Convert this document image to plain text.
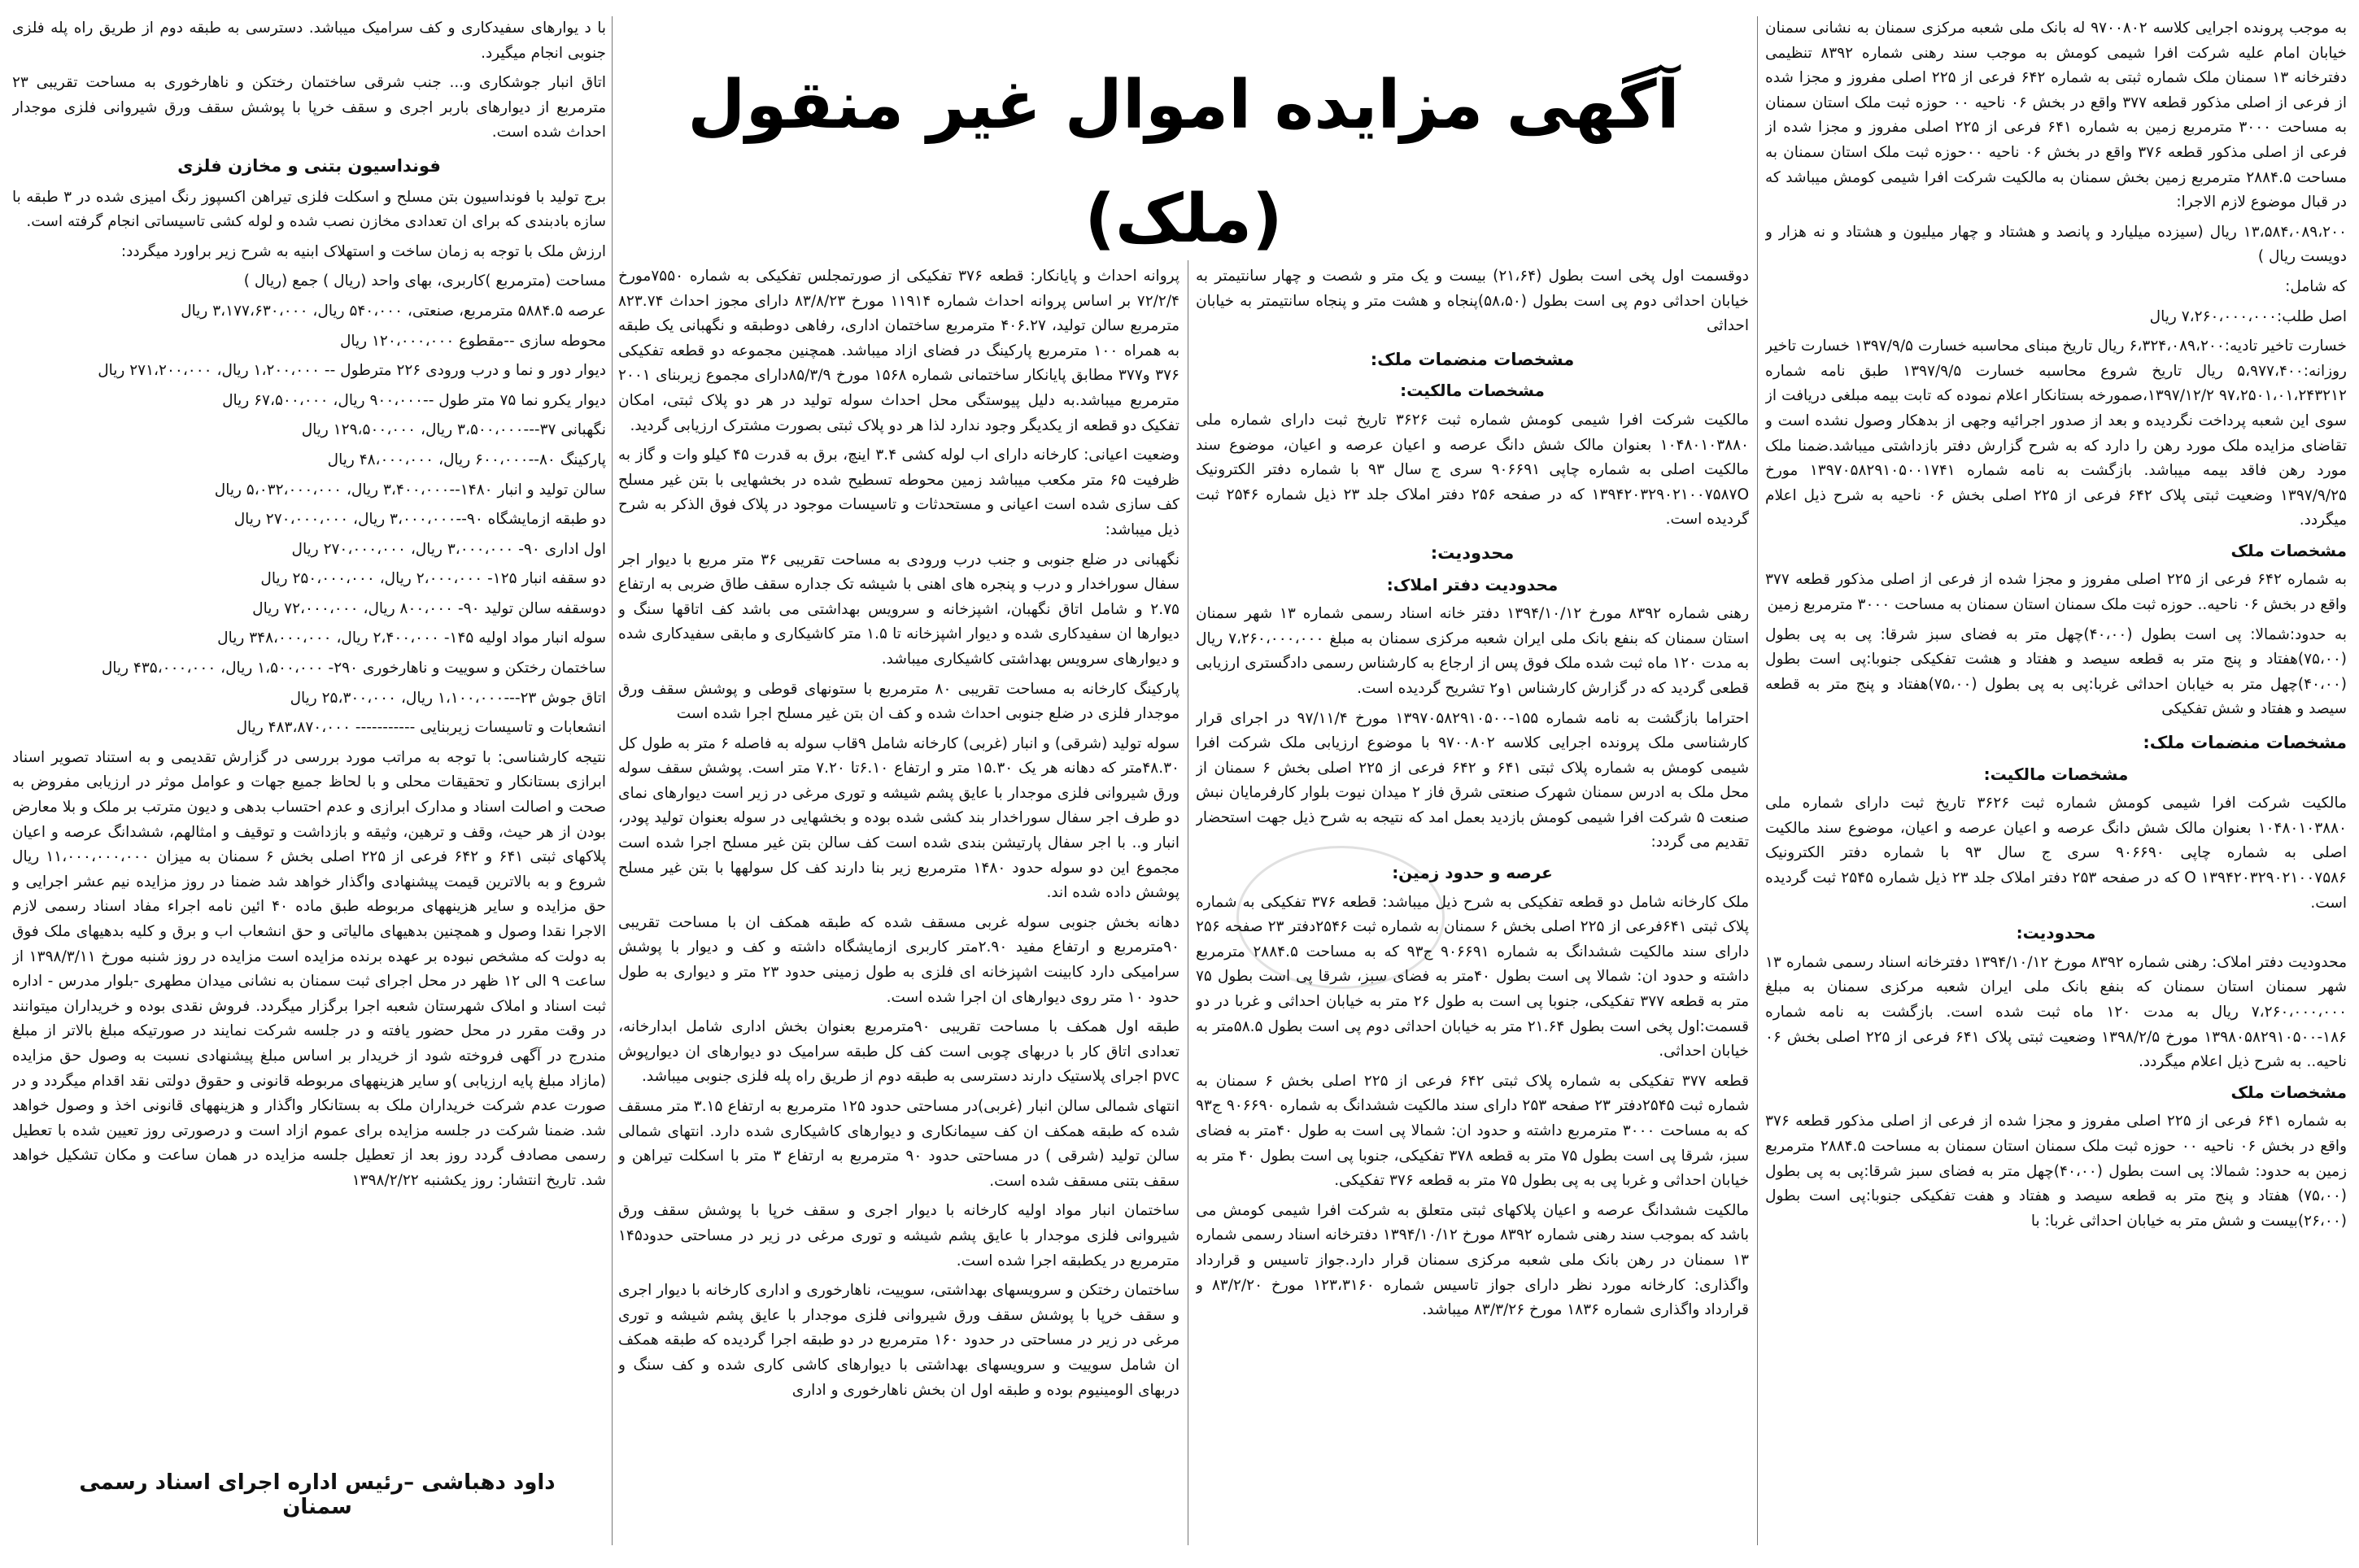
آگهی مزایده اموال غیر منقول (ملک)

به موجب پرونده اجرایی کلاسه ۹۷۰۰۸۰۲ له بانک ملی شعبه مرکزی سمنان به نشانی سمنان خیابان امام علیه شرکت افرا شیمی کومش به موجب سند رهنی شماره ۸۳۹۲ تنظیمی دفترخانه ۱۳ سمنان ملک شماره ثبتی به شماره ۶۴۲ فرعی از ۲۲۵ اصلی مفروز و مجزا شده از فرعی از اصلی مذکور قطعه ۳۷۷ واقع در بخش ۰۶ ناحیه ۰۰ حوزه ثبت ملک استان سمنان به مساحت ۳۰۰۰ مترمربع زمین به شماره ۶۴۱ فرعی از ۲۲۵ اصلی مفروز و مجزا شده از فرعی از اصلی مذکور قطعه ۳۷۶ واقع در بخش ۰۶ ناحیه ۰۰حوزه ثبت ملک استان سمنان به مساحت ۲۸۸۴.۵ مترمربع زمین بخش سمنان به مالکیت شرکت افرا شیمی کومش میباشد که در قبال موضوع لازم الاجرا:

۱۳،۵۸۴،۰۸۹،۲۰۰ ریال (سیزده میلیارد و پانصد و هشتاد و چهار میلیون و هشتاد و نه هزار و دویست ریال )

که شامل:

اصل طلب:۷،۲۶۰،۰۰۰،۰۰۰ ریال

خسارت تاخیر تادیه:۶،۳۲۴،۰۸۹،۲۰۰ ریال تاریخ مبنای محاسبه خسارت ۱۳۹۷/۹/۵ خسارت تاخیر روزانه:۵،۹۷۷،۴۰۰ ریال تاریخ شروع محاسبه خسارت ۱۳۹۷/۹/۵ طبق نامه شماره ۹۷،۲۵۰۱،۰۱،۲۴۳۲۱۲ ۱۳۹۷/۱۲/۲،صمورخه بستانکار اعلام نموده که تابت بیمه مبلغی دریافت از سوی این شعبه پرداخت نگردیده و بعد از صدور اجرائیه وجهی از بدهکار وصول نشده است و تقاضای مزایده ملک مورد رهن را دارد که به شرح گزارش دفتر بازداشتی میباشد.ضمنا ملک مورد رهن فاقد بیمه میباشد. بازگشت به نامه شماره ۱۳۹۷۰۵۸۲۹۱۰۵۰۰۱۷۴۱ مورخ ۱۳۹۷/۹/۲۵ وضعیت ثبتی پلاک ۶۴۲ فرعی از ۲۲۵ اصلی بخش ۰۶ ناحیه به شرح ذیل اعلام میگردد.

مشخصات ملک

به شماره ۶۴۲ فرعی از ۲۲۵ اصلی مفروز و مجزا شده از فرعی از اصلی مذکور قطعه ۳۷۷ واقع در بخش ۰۶ ناحیه.. حوزه ثبت ملک سمنان استان سمنان به مساحت ۳۰۰۰ مترمربع زمین

به حدود:شمالا: پی است بطول (۴۰،۰۰)چهل متر به فضای سبز شرقا: پی به پی بطول (۷۵،۰۰)هفتاد و پنج متر به قطعه سیصد و هفتاد و هشت تفکیکی جنوبا:پی است بطول (۴۰،۰۰)چهل متر به خیابان احداثی غربا:پی به پی بطول (۷۵،۰۰)هفتاد و پنج متر به قطعه سیصد و هفتاد و شش تفکیکی

مشخصات منضمات ملک:
مشخصات مالکیت:

مالکیت شرکت افرا شیمی کومش شماره ثبت ۳۶۲۶ تاریخ ثبت دارای شماره ملی ۱۰۴۸۰۱۰۳۸۸۰ بعنوان مالک شش دانگ عرصه و اعیان عرصه و اعیان، موضوع سند مالکیت اصلی به شماره چاپی ۹۰۶۶۹۰ سری ج سال ۹۳ با شماره دفتر الکترونیک ۱۳۹۴۲۰۳۲۹۰۲۱۰۰۷۵۸۶ O که در صفحه ۲۵۳ دفتر املاک جلد ۲۳ ذیل شماره ۲۵۴۵ ثبت گردیده است.

محدودیت:

محدودیت دفتر املاک: رهنی شماره ۸۳۹۲ مورخ ۱۳۹۴/۱۰/۱۲ دفترخانه اسناد رسمی شماره ۱۳ شهر سمنان استان سمنان که بنفع بانک ملی ایران شعبه مرکزی سمنان به مبلغ ۷،۲۶۰،۰۰۰،۰۰۰ ریال به مدت ۱۲۰ ماه ثبت شده است. بازگشت به نامه شماره ۱۸۶-۱۳۹۸۰۵۸۲۹۱۰۵۰۰ مورخ ۱۳۹۸/۲/۵ وضعیت ثبتی پلاک ۶۴۱ فرعی از ۲۲۵ اصلی بخش ۰۶ ناحیه.. به شرح ذیل اعلام میگردد.

مشخصات ملک

به شماره ۶۴۱ فرعی از ۲۲۵ اصلی مفروز و مجزا شده از فرعی از اصلی مذکور قطعه ۳۷۶ واقع در بخش ۰۶ ناحیه ۰۰ حوزه ثبت ملک سمنان استان سمنان به مساحت ۲۸۸۴.۵ مترمربع زمین به حدود: شمالا: پی است بطول (۴۰،۰۰)چهل متر به فضای سبز شرقا:پی به پی بطول (۷۵،۰۰) هفتاد و پنج متر به قطعه سیصد و هفتاد و هفت تفکیکی جنوبا:پی است بطول (۲۶،۰۰)بیست و شش متر به خیابان احداثی غربا: با

دوقسمت اول پخی است بطول (۲۱،۶۴) بیست و یک متر و شصت و چهار سانتیمتر به خیابان احداثی دوم پی است بطول (۵۸،۵۰)پنجاه و هشت متر و پنجاه سانتیمتر به خیابان احداثی

مشخصات منضمات ملک:
مشخصات مالکیت:

مالکیت شرکت افرا شیمی کومش شماره ثبت ۳۶۲۶ تاریخ ثبت دارای شماره ملی ۱۰۴۸۰۱۰۳۸۸۰ بعنوان مالک شش دانگ عرصه و اعیان عرصه و اعیان، موضوع سند مالکیت اصلی به شماره چاپی ۹۰۶۶۹۱ سری ج سال ۹۳ با شماره دفتر الکترونیک ۱۳۹۴۲۰۳۲۹۰۲۱۰۰۷۵۸۷O که در صفحه ۲۵۶ دفتر املاک جلد ۲۳ ذیل شماره ۲۵۴۶ ثبت گردیده است.

محدودیت:
محدودیت دفتر املاک:

رهنی شماره ۸۳۹۲ مورخ ۱۳۹۴/۱۰/۱۲ دفتر خانه اسناد رسمی شماره ۱۳ شهر سمنان استان سمنان که بنفع بانک ملی ایران شعبه مرکزی سمنان به مبلغ ۷،۲۶۰،۰۰۰،۰۰۰ ریال به مدت ۱۲۰ ماه ثبت شده ملک فوق پس از ارجاع به کارشناس رسمی دادگستری ارزیابی قطعی گردید که در گزارش کارشناس ۱و۲ تشریح گردیده است.

احتراما بازگشت به نامه شماره ۱۵۵-۱۳۹۷۰۵۸۲۹۱۰۵۰۰ مورخ ۹۷/۱۱/۴ در اجرای قرار کارشناسی ملک پرونده اجرایی کلاسه ۹۷۰۰۸۰۲ با موضوع ارزیابی ملک شرکت افرا شیمی کومش به شماره پلاک ثبتی ۶۴۱ و ۶۴۲ فرعی از ۲۲۵ اصلی بخش ۶ سمنان از محل ملک به ادرس سمنان شهرک صنعتی شرق فاز ۲ میدان نیوت بلوار کارفرمایان نبش صنعت ۵ شرکت افرا شیمی کومش بازدید بعمل امد که نتیجه به شرح ذیل جهت استحضار تقدیم می گردد:

عرصه و حدود زمین:

ملک کارخانه شامل دو قطعه تفکیکی به شرح ذیل میباشد: قطعه ۳۷۶ تفکیکی به شماره پلاک ثبتی ۶۴۱فرعی از ۲۲۵ اصلی بخش ۶ سمنان به شماره ثبت ۲۵۴۶دفتر ۲۳ صفحه ۲۵۶ دارای سند مالکیت ششدانگ به شماره ۹۰۶۶۹۱ ج۹۳ که به مساحت ۲۸۸۴.۵ مترمربع داشته و حدود ان: شمالا پی است بطول ۴۰متر به فضای سبز، شرقا پی است بطول ۷۵ متر به قطعه ۳۷۷ تفکیکی، جنوبا پی است به طول ۲۶ متر به خیابان احداثی و غربا در دو قسمت:اول پخی است بطول ۲۱.۶۴ متر به خیابان احداثی دوم پی است بطول ۵۸.۵متر به خیابان احداثی.

قطعه ۳۷۷ تفکیکی به شماره پلاک ثبتی ۶۴۲ فرعی از ۲۲۵ اصلی بخش ۶ سمنان به شماره ثبت ۲۵۴۵دفتر ۲۳ صفحه ۲۵۳ دارای سند مالکیت ششدانگ به شماره ۹۰۶۶۹۰ ج۹۳ که به مساحت ۳۰۰۰ مترمربع داشته و حدود ان: شمالا پی است به طول ۴۰متر به فضای سبز، شرقا پی است بطول ۷۵ متر به قطعه ۳۷۸ تفکیکی، جنوبا پی است بطول ۴۰ متر به خیابان احداثی و غربا پی به پی بطول ۷۵ متر به قطعه ۳۷۶ تفکیکی.

مالکیت ششدانگ عرصه و اعیان پلاکهای ثبتی متعلق به شرکت افرا شیمی کومش می باشد که بموجب سند رهنی شماره ۸۳۹۲ مورخ ۱۳۹۴/۱۰/۱۲ دفترخانه اسناد رسمی شماره ۱۳ سمنان در رهن بانک ملی شعبه مرکزی سمنان قرار دارد.جواز تاسیس و قرارداد واگذاری: کارخانه مورد نظر دارای جواز تاسیس شماره ۱۲۳،۳۱۶۰ مورخ ۸۳/۲/۲۰ و قرارداد واگذاری شماره ۱۸۳۶ مورخ ۸۳/۳/۲۶ میباشد.

پروانه احداث و پایانکار: قطعه ۳۷۶ تفکیکی از صورتمجلس تفکیکی به شماره ۷۵۵۰مورخ ۷۲/۲/۴ بر اساس پروانه احداث شماره ۱۱۹۱۴ مورخ ۸۳/۸/۲۳ دارای مجوز احداث ۸۲۳.۷۴ مترمربع سالن تولید، ۴۰۶.۲۷ مترمربع ساختمان اداری، رفاهی دوطبقه و نگهبانی یک طبقه به همراه ۱۰۰ مترمربع پارکینگ در فضای ازاد میباشد. همچنین مجموعه دو قطعه تفکیکی ۳۷۶ و۳۷۷ مطابق پایانکار ساختمانی شماره ۱۵۶۸ مورخ ۸۵/۳/۹دارای مجموع زیربنای ۲۰۰۱ مترمربع میباشد.به دلیل پیوستگی محل احداث سوله تولید در هر دو پلاک ثبتی، امکان تفکیک دو قطعه از یکدیگر وجود ندارد لذا هر دو پلاک ثبتی بصورت مشترک ارزیابی گردید.

وضعیت اعیانی: کارخانه دارای اب لوله کشی ۳.۴ اینچ، برق به قدرت ۴۵ کیلو وات و گاز به ظرفیت ۶۵ متر مکعب میباشد زمین محوطه تسطیح شده در بخشهایی با بتن غیر مسلح کف سازی شده است اعیانی و مستحدثات و تاسیسات موجود در پلاک فوق الذکر به شرح ذیل میباشد:

نگهبانی در ضلع جنوبی و جنب درب ورودی به مساحت تقریبی ۳۶ متر مربع با دیوار اجر سفال سوراخدار و درب و پنجره های اهنی با شیشه تک جداره سقف طاق ضربی به ارتفاع ۲.۷۵ و شامل اتاق نگهبان، اشپزخانه و سرویس بهداشتی می باشد کف اتاقها سنگ و دیوارها ان سفیدکاری شده و دیوار اشپزخانه تا ۱.۵ متر کاشیکاری و مابقی سفیدکاری شده و دیوارهای سرویس بهداشتی کاشیکاری میباشد.

پارکینگ کارخانه به مساحت تقریبی ۸۰ مترمربع با ستونهای قوطی و پوشش سقف ورق موجدار فلزی در ضلع جنوبی احداث شده و کف ان بتن غیر مسلح اجرا شده است

سوله تولید (شرقی) و انبار (غربی) کارخانه شامل ۹قاب سوله به فاصله ۶ متر به طول کل ۴۸.۳۰متر که دهانه هر یک ۱۵.۳۰ متر و ارتفاع ۶.۱۰تا ۷.۲۰ متر است. پوشش سقف سوله ورق شیروانی فلزی موجدار با عایق پشم شیشه و توری مرغی در زیر است دیوارهای نمای دو طرف اجر سفال سوراخدار بند کشی شده بوده و بخشهایی در سوله بعنوان تولید پودر، انبار و.. با اجر سفال پارتیشن بندی شده است کف سالن بتن غیر مسلح اجرا شده است مجموع این دو سوله حدود ۱۴۸۰ مترمربع زیر بنا دارند کف کل سولهها با بتن غیر مسلح پوشش داده شده اند.

دهانه بخش جنوبی سوله غربی مسقف شده که طبقه همکف ان با مساحت تقریبی ۹۰مترمربع و ارتفاع مفید ۲.۹۰متر کاربری ازمایشگاه داشته و کف و دیوار با پوشش سرامیکی دارد کابینت اشپزخانه ای فلزی به طول زمینی حدود ۲۳ متر و دیواری به طول حدود ۱۰ متر روی دیوارهای ان اجرا شده است.

طبقه اول همکف با مساحت تقریبی ۹۰مترمربع بعنوان بخش اداری شامل ابدارخانه، تعدادی اتاق کار با دربهای چوبی است کف کل طبقه سرامیک دو دیوارهای ان دیوارپوش pvc اجرای پلاستیک دارند دسترسی به طبقه دوم از طریق راه پله فلزی جنوبی میباشد.

انتهای شمالی سالن انبار (غربی)در مساحتی حدود ۱۲۵ مترمربع به ارتفاع ۳.۱۵ متر مسقف شده که طبقه همکف ان کف سیمانکاری و دیوارهای کاشیکاری شده دارد. انتهای شمالی سالن تولید (شرقی ) در مساحتی حدود ۹۰ مترمربع به ارتفاع ۳ متر با اسکلت تیراهن و سقف بتنی مسقف شده است.

ساختمان انبار مواد اولیه کارخانه با دیوار اجری و سقف خرپا با پوشش سقف ورق شیروانی فلزی موجدار با عایق پشم شیشه و توری مرغی در زیر در مساحتی حدود۱۴۵ مترمربع در یکطبقه اجرا شده است.

ساختمان رختکن و سرویسهای بهداشتی، سوییت، ناهارخوری و اداری کارخانه با دیوار اجری و سقف خرپا با پوشش سقف ورق شیروانی فلزی موجدار با عایق پشم شیشه و توری مرغی در زیر در مساحتی در حدود ۱۶۰ مترمربع در دو طبقه اجرا گردیده که طبقه همکف ان شامل سوییت و سرویسهای بهداشتی با دیوارهای کاشی کاری شده و کف سنگ و دربهای الومینیوم بوده و طبقه اول ان بخش ناهارخوری و اداری

با د یوارهای سفیدکاری و کف سرامیک میباشد. دسترسی به طبقه دوم از طریق راه پله فلزی جنوبی انجام میگیرد.

اتاق انبار جوشکاری و... جنب شرقی ساختمان رختکن و ناهارخوری به مساحت تقریبی ۲۳ مترمربع از دیوارهای باربر اجری و سقف خرپا با پوشش سقف ورق شیروانی فلزی موجدار احداث شده است.

فونداسیون بتنی و مخازن فلزی

برج تولید با فونداسیون بتن مسلح و اسکلت فلزی تیراهن اکسپوز رنگ امیزی شده در ۳ طبقه با سازه بادبندی که برای ان تعدادی مخازن نصب شده و لوله کشی تاسیساتی انجام گرفته است.

ارزش ملک با توجه به زمان ساخت و استهلاک ابنیه به شرح زیر براورد میگردد:

مساحت (مترمربع )کاربری، بهای واحد (ریال ) جمع (ریال )

عرصه ۵۸۸۴.۵ مترمربع، صنعتی، ۵۴۰،۰۰۰ ریال، ۳،۱۷۷،۶۳۰،۰۰۰ ریال

محوطه سازی --مقطوع ۱۲۰،۰۰۰،۰۰۰ ریال

دیوار دور و نما و درب ورودی ۲۲۶ مترطول -- ۱،۲۰۰،۰۰۰ ریال، ۲۷۱،۲۰۰،۰۰۰ ریال

دیوار یکرو نما ۷۵ متر طول --۹۰۰،۰۰۰ ریال، ۶۷،۵۰۰،۰۰۰ ریال

نگهبانی ۳۷---۳،۵۰۰،۰۰۰ ریال، ۱۲۹،۵۰۰،۰۰۰ ریال

پارکینگ ۸۰--۶۰۰،۰۰۰ ریال، ۴۸،۰۰۰،۰۰۰ ریال

سالن تولید و انبار ۱۴۸۰--۳،۴۰۰،۰۰۰ ریال، ۵،۰۳۲،۰۰۰،۰۰۰ ریال

دو طبقه ازمایشگاه ۹۰--۳،۰۰۰،۰۰۰ ریال، ۲۷۰،۰۰۰،۰۰۰ ریال

اول اداری ۹۰- ۳،۰۰۰،۰۰۰ ریال، ۲۷۰،۰۰۰،۰۰۰ ریال

دو سقفه انبار ۱۲۵- ۲،۰۰۰،۰۰۰ ریال، ۲۵۰،۰۰۰،۰۰۰ ریال

دوسقفه سالن تولید ۹۰- ۸۰۰،۰۰۰ ریال، ۷۲،۰۰۰،۰۰۰ ریال

سوله انبار مواد اولیه ۱۴۵- ۲،۴۰۰،۰۰۰ ریال، ۳۴۸،۰۰۰،۰۰۰ ریال

ساختمان رختکن و سوییت و ناهارخوری ۲۹۰- ۱،۵۰۰،۰۰۰ ریال، ۴۳۵،۰۰۰،۰۰۰ ریال

اتاق جوش ۲۳---۱،۱۰۰،۰۰۰ ریال، ۲۵،۳۰۰،۰۰۰ ریال

انشعابات و تاسیسات زیربنایی ----------- ۴۸۳،۸۷۰،۰۰۰ ریال

نتیجه کارشناسی: با توجه به مراتب مورد بررسی در گزارش تقدیمی و به استناد تصویر اسناد ابرازی بستانکار و تحقیقات محلی و با لحاظ جمیع جهات و عوامل موثر در ارزیابی مفروض به صحت و اصالت اسناد و مدارک ابرازی و عدم احتساب بدهی و دیون مترتب بر ملک و بلا معارض بودن از هر حیث، وقف و ترهین، وثیقه و بازداشت و توقیف و امثالهم، ششدانگ عرصه و اعیان پلاکهای ثبتی ۶۴۱ و ۶۴۲ فرعی از ۲۲۵ اصلی بخش ۶ سمنان به میزان ۱۱،۰۰۰،۰۰۰،۰۰۰ ریال شروع و به بالاترین قیمت پیشنهادی واگذار خواهد شد ضمنا در روز مزایده نیم عشر اجرایی و حق مزایده و سایر هزینههای مربوطه طبق ماده ۴۰ ائین نامه اجراء مفاد اسناد رسمی لازم الاجرا نقدا وصول و همچنین بدهیهای مالیاتی و حق انشعاب اب و برق و کلیه بدهیهای ملک فوق به دولت که مشخص نبوده بر عهده برنده مزایده است مزایده در روز شنبه مورخ ۱۳۹۸/۳/۱۱ از ساعت ۹ الی ۱۲ ظهر در محل اجرای ثبت سمنان به نشانی میدان مطهری -بلوار مدرس - اداره ثبت اسناد و املاک شهرستان شعبه اجرا برگزار میگردد. فروش نقدی بوده و خریداران میتوانند در وقت مقرر در محل حضور یافته و در جلسه شرکت نمایند در صورتیکه مبلغ بالاتر از مبلغ مندرج در آگهی فروخته شود از خریدار بر اساس مبلغ پیشنهادی نسبت به وصول حق مزایده (مازاد مبلغ پایه ارزیابی )و سایر هزینههای مربوطه قانونی و حقوق دولتی نقد اقدام میگردد و در صورت عدم شرکت خریداران ملک به بستانکار واگذار و هزینههای قانونی اخذ و وصول خواهد شد. ضمنا شرکت در جلسه مزایده برای عموم ازاد است و درصورتی روز تعیین شده با تعطیل رسمی مصادف گردد روز بعد از تعطیل جلسه مزایده در همان ساعت و مکان تشکیل خواهد شد. تاریخ انتشار: روز یکشنبه ۱۳۹۸/۲/۲۲

داود دهباشی –رئیس اداره اجرای اسناد رسمی سمنان
